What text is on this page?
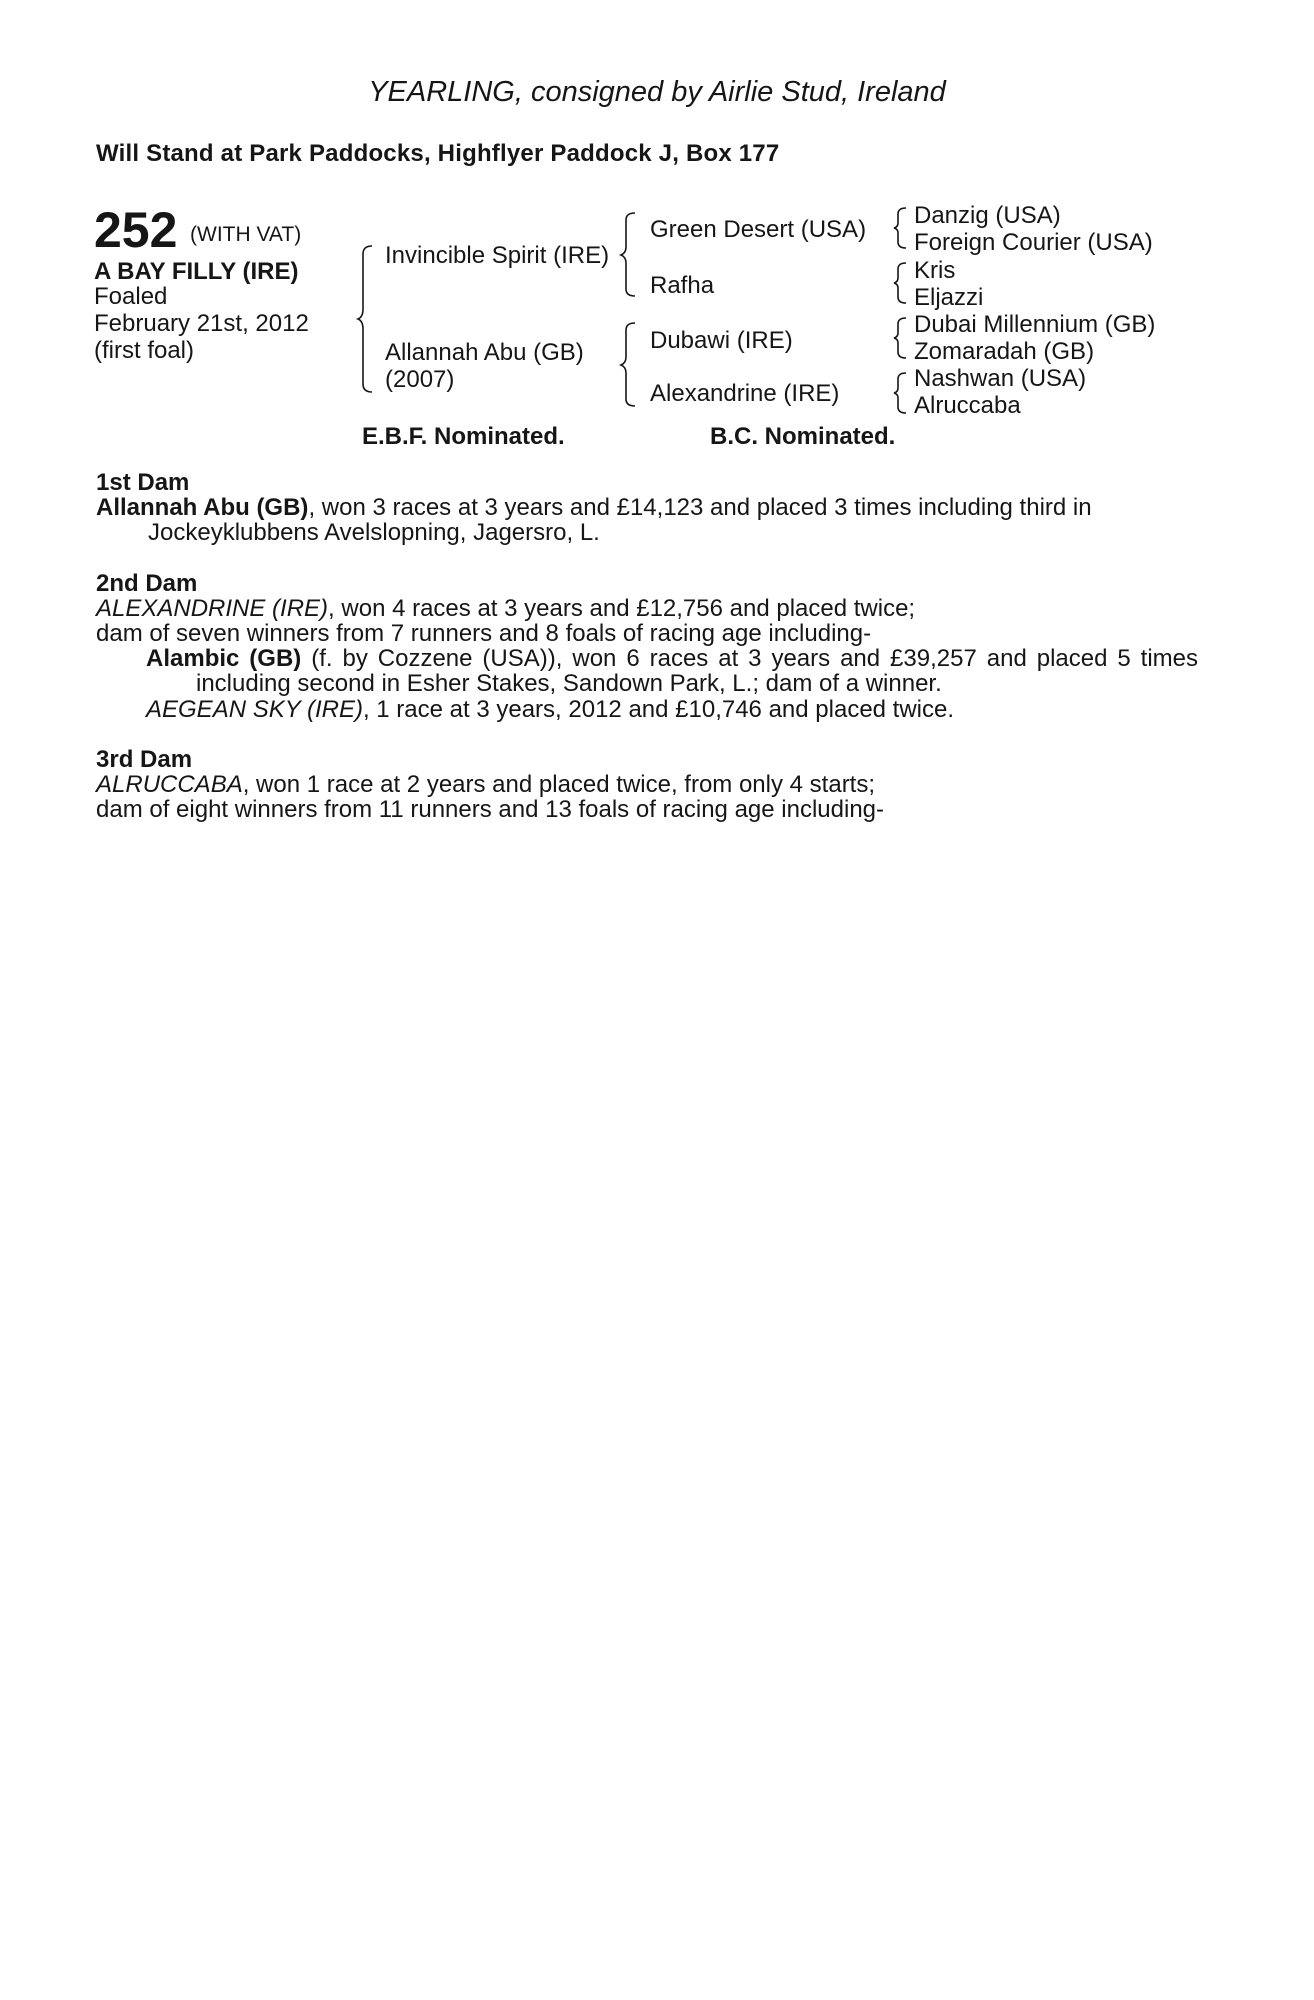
YEARLING, consigned by Airlie Stud, Ireland
Will Stand at Park Paddocks, Highflyer Paddock J, Box 177
252 (WITH VAT)
A BAY FILLY (IRE)
Foaled
February 21st, 2012
(first foal)
Invincible Spirit (IRE)
Allannah Abu (GB)
(2007)
Green Desert (USA)
Rafha
Dubawi (IRE)
Alexandrine (IRE)
Danzig (USA)
Foreign Courier (USA)
Kris
Eljazzi
Dubai Millennium (GB)
Zomaradah (GB)
Nashwan (USA)
Alruccaba
E.B.F. Nominated.	B.C. Nominated.

1st Dam

Allannah Abu (GB), won 3 races at 3 years and £14,123 and placed 3 times including third in Jockeyklubbens Avelslopning, Jagersro, L.

2nd Dam

ALEXANDRINE (IRE), won 4 races at 3 years and £12,756 and placed twice;

dam of seven winners from 7 runners and 8 foals of racing age including-

Alambic (GB) (f. by Cozzene (USA)), won 6 races at 3 years and £39,257 and placed 5 times including second in Esher Stakes, Sandown Park, L.; dam of a winner.

AEGEAN SKY (IRE), 1 race at 3 years, 2012 and £10,746 and placed twice.

3rd Dam

ALRUCCABA, won 1 race at 2 years and placed twice, from only 4 starts;

dam of eight winners from 11 runners and 13 foals of racing age including-
